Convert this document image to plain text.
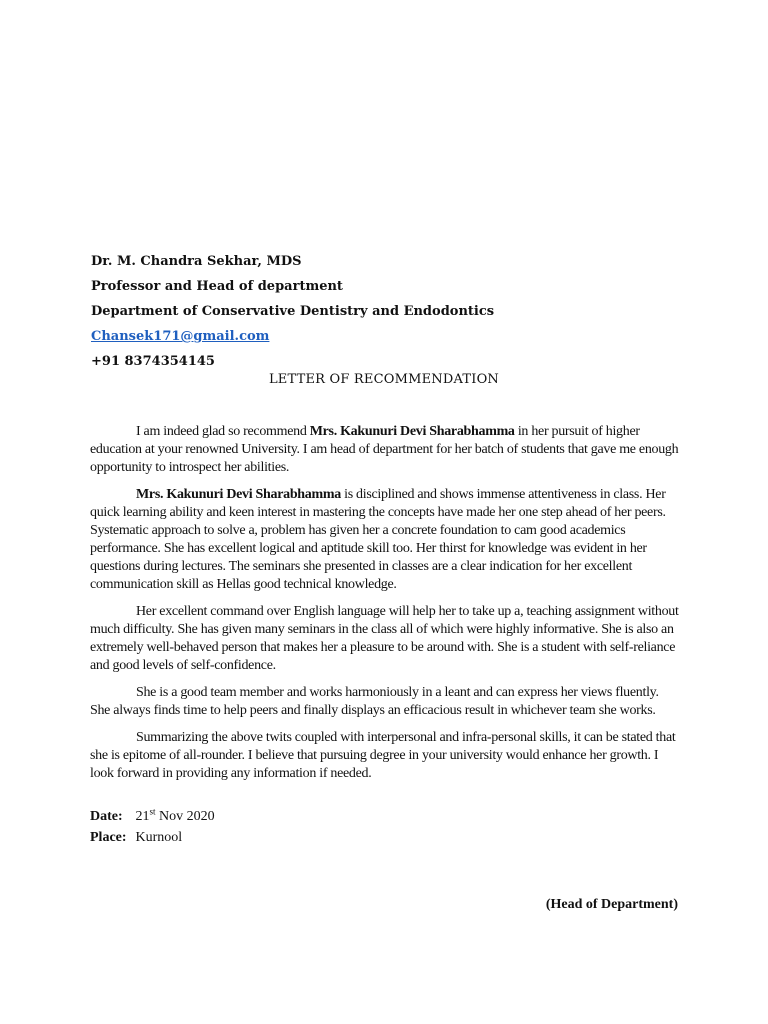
Dr. M. Chandra Sekhar, MDS
Professor and Head of department
Department of Conservative Dentistry and Endodontics
Chansek171@gmail.com
+91 8374354145
LETTER OF RECOMMENDATION

I am indeed glad so recommend Mrs. Kakunuri Devi Sharabhamma in her pursuit of higher education at your renowned University. I am head of department for her batch of students that gave me enough opportunity to introspect her abilities.

Mrs. Kakunuri Devi Sharabhamma is disciplined and shows immense attentiveness in class. Her quick learning ability and keen interest in mastering the concepts have made her one step ahead of her peers. Systematic approach to solve a, problem has given her a concrete foundation to cam good academics performance. She has excellent logical and aptitude skill too. Her thirst for knowledge was evident in her questions during lectures. The seminars she presented in classes are a clear indication for her excellent communication skill as Hellas good technical knowledge.

Her excellent command over English language will help her to take up a, teaching assignment without much difficulty. She has given many seminars in the class all of which were highly informative. She is also an extremely well-behaved person that makes her a pleasure to be around with. She is a student with self-reliance and good levels of self-confidence.

She is a good team member and works harmoniously in a leant and can express her views fluently. She always finds time to help peers and finally displays an efficacious result in whichever team she works.

Summarizing the above twits coupled with interpersonal and infra-personal skills, it can be stated that she is epitome of all-rounder. I believe that pursuing degree in your university would enhance her growth. I look forward in providing any information if needed.

Date: 21st Nov 2020
Place: Kurnool
(Head of Department)
